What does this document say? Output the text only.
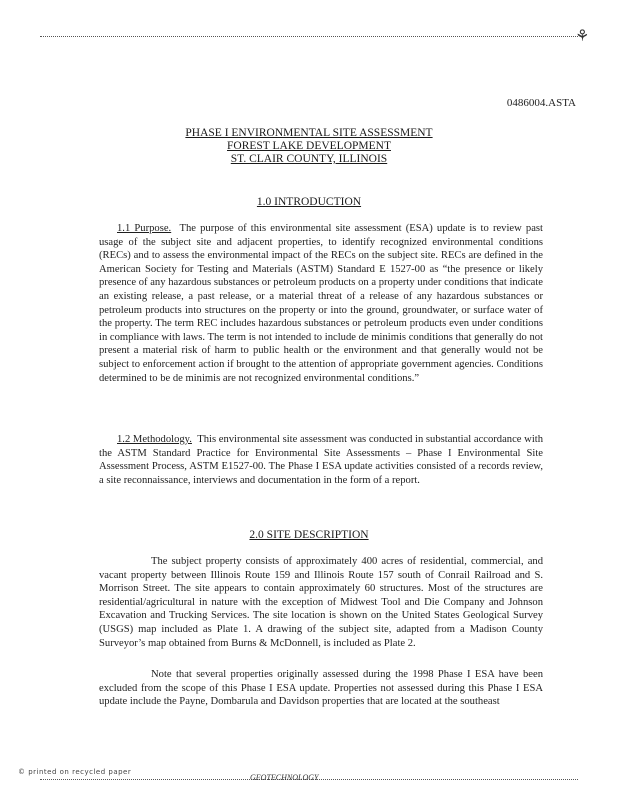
⚘
0486004.ASTA
PHASE I ENVIRONMENTAL SITE ASSESSMENT
FOREST LAKE DEVELOPMENT
ST. CLAIR COUNTY, ILLINOIS
1.0 INTRODUCTION
1.1 Purpose. The purpose of this environmental site assessment (ESA) update is to review past usage of the subject site and adjacent properties, to identify recognized environmental conditions (RECs) and to assess the environmental impact of the RECs on the subject site. RECs are defined in the American Society for Testing and Materials (ASTM) Standard E 1527-00 as “the presence or likely presence of any hazardous substances or petroleum products on a property under conditions that indicate an existing release, a past release, or a material threat of a release of any hazardous substances or petroleum products into structures on the property or into the ground, groundwater, or surface water of the property. The term REC includes hazardous substances or petroleum products even under conditions in compliance with laws. The term is not intended to include de minimis conditions that generally do not present a material risk of harm to public health or the environment and that generally would not be subject to enforcement action if brought to the attention of appropriate government agencies. Conditions determined to be de minimis are not recognized environmental conditions.”
1.2 Methodology. This environmental site assessment was conducted in substantial accordance with the ASTM Standard Practice for Environmental Site Assessments – Phase I Environmental Site Assessment Process, ASTM E1527-00. The Phase I ESA update activities consisted of a records review, a site reconnaissance, interviews and documentation in the form of a report.
2.0 SITE DESCRIPTION
The subject property consists of approximately 400 acres of residential, commercial, and vacant property between Illinois Route 159 and Illinois Route 157 south of Conrail Railroad and S. Morrison Street. The site appears to contain approximately 60 structures. Most of the structures are residential/agricultural in nature with the exception of Midwest Tool and Die Company and Johnson Excavation and Trucking Services. The site location is shown on the United States Geological Survey (USGS) map included as Plate 1. A drawing of the subject site, adapted from a Madison County Surveyor’s map obtained from Burns & McDonnell, is included as Plate 2.
Note that several properties originally assessed during the 1998 Phase I ESA have been excluded from the scope of this Phase I ESA update. Properties not assessed during this Phase I ESA update include the Payne, Dombarula and Davidson properties that are located at the southeast
© printed on recycled paper
GEOTECHNOLOGY
